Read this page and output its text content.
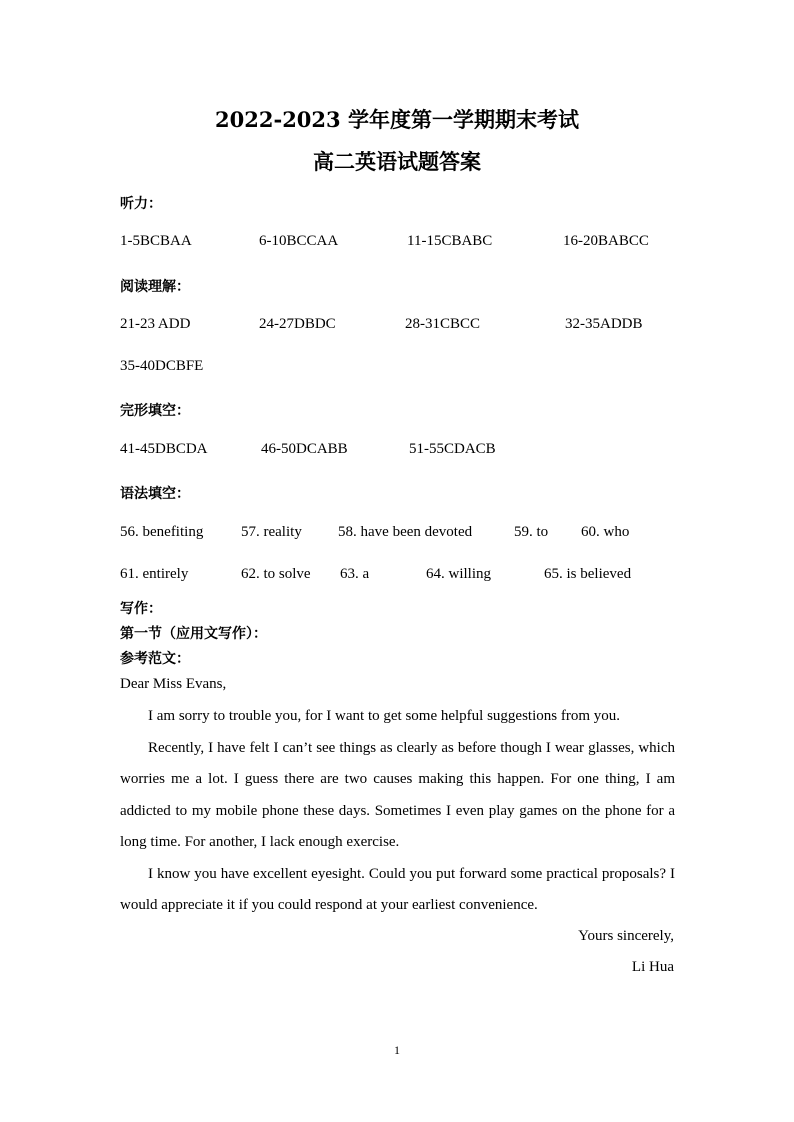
2022-2023 学年度第一学期期末考试
高二英语试题答案
听力：
1-5BCBAA	6-10BCCAA	11-15CBABC	16-20BABCC
阅读理解：
21-23 ADD	24-27DBDC	28-31CBCC	32-35ADDB
35-40DCBFE
完形填空：
41-45DBCDA	46-50DCABB	51-55CDACB
语法填空：
56. benefiting	57. reality 58. have been devoted	59. to 60. who
61. entirely	62. to solve 63. a	64. willing	65. is believed
写作：
第一节（应用文写作）：
参考范文：
Dear Miss Evans,

I am sorry to trouble you, for I want to get some helpful suggestions from you.

Recently, I have felt I can’t see things as clearly as before though I wear glasses, which worries me a lot. I guess there are two causes making this happen. For one thing, I am addicted to my mobile phone these days. Sometimes I even play games on the phone for a long time. For another, I lack enough exercise.

I know you have excellent eyesight. Could you put forward some practical proposals? I would appreciate it if you could respond at your earliest convenience.

Yours sincerely,
Li Hua
1
